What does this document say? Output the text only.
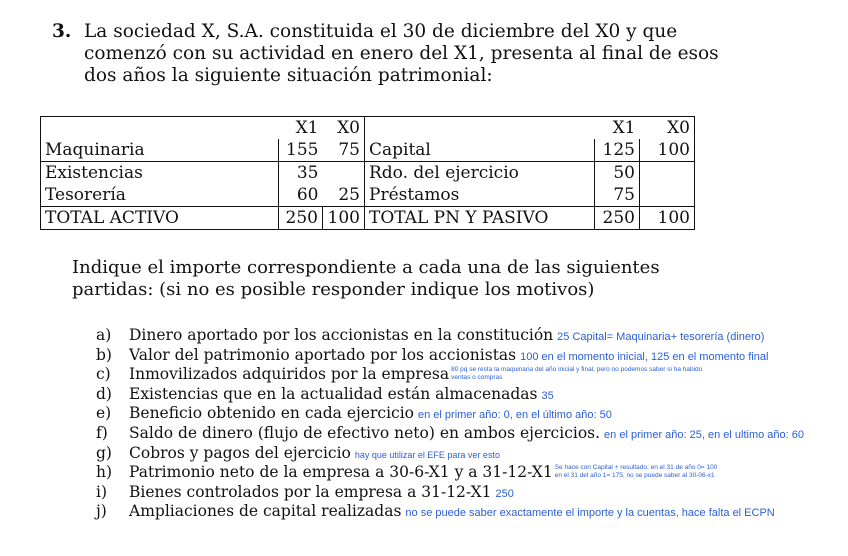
3. La sociedad X, S.A. constituida el 30 de diciembre del X0 y que
comenzó con su actividad en enero del X1, presenta al final de esos
dos años la siguiente situación patrimonial:
	X1	X0		X1	X0
Maquinaria	155	75	Capital	125	100
Existencias	35		Rdo. del ejercicio	50	
Tesorería	60	25	Préstamos	75	
TOTAL ACTIVO	250	100	TOTAL PN Y PASIVO	250	100
Indique el importe correspondiente a cada una de las siguientes
partidas: (si no es posible responder indique los motivos)
a)	Dinero aportado por los accionistas en la constitución 25 Capital= Maquinaria+ tesorería (dinero)
b)	Valor del patrimonio aportado por los accionistas 100 en el momento inicial, 125 en el momento final
c)	Inmovilizados adquiridos por la empresa 80 pq se resta la maquinaria del año inicial y final, pero no podemos saber si ha habido
ventas o compras
d)	Existencias que en la actualidad están almacenadas 35
e)	Beneficio obtenido en cada ejercicio en el primer año: 0, en el último año: 50
f)	Saldo de dinero (flujo de efectivo neto) en ambos ejercicios. en el primer año: 25, en el ultimo año: 60
g)	Cobros y pagos del ejercicio hay que utilizar el EFE para ver esto
h)	Patrimonio neto de la empresa a 30-6-X1 y a 31-12-X1 Se hace con Capital + resultado, en el 31 de año 0= 100
en el 31 del año 1= 175, no se puede saber al 30-06-x1
i)	Bienes controlados por la empresa a 31-12-X1 250
j)	Ampliaciones de capital realizadas no se puede saber exactamente el importe y la cuentas, hace falta el ECPN
